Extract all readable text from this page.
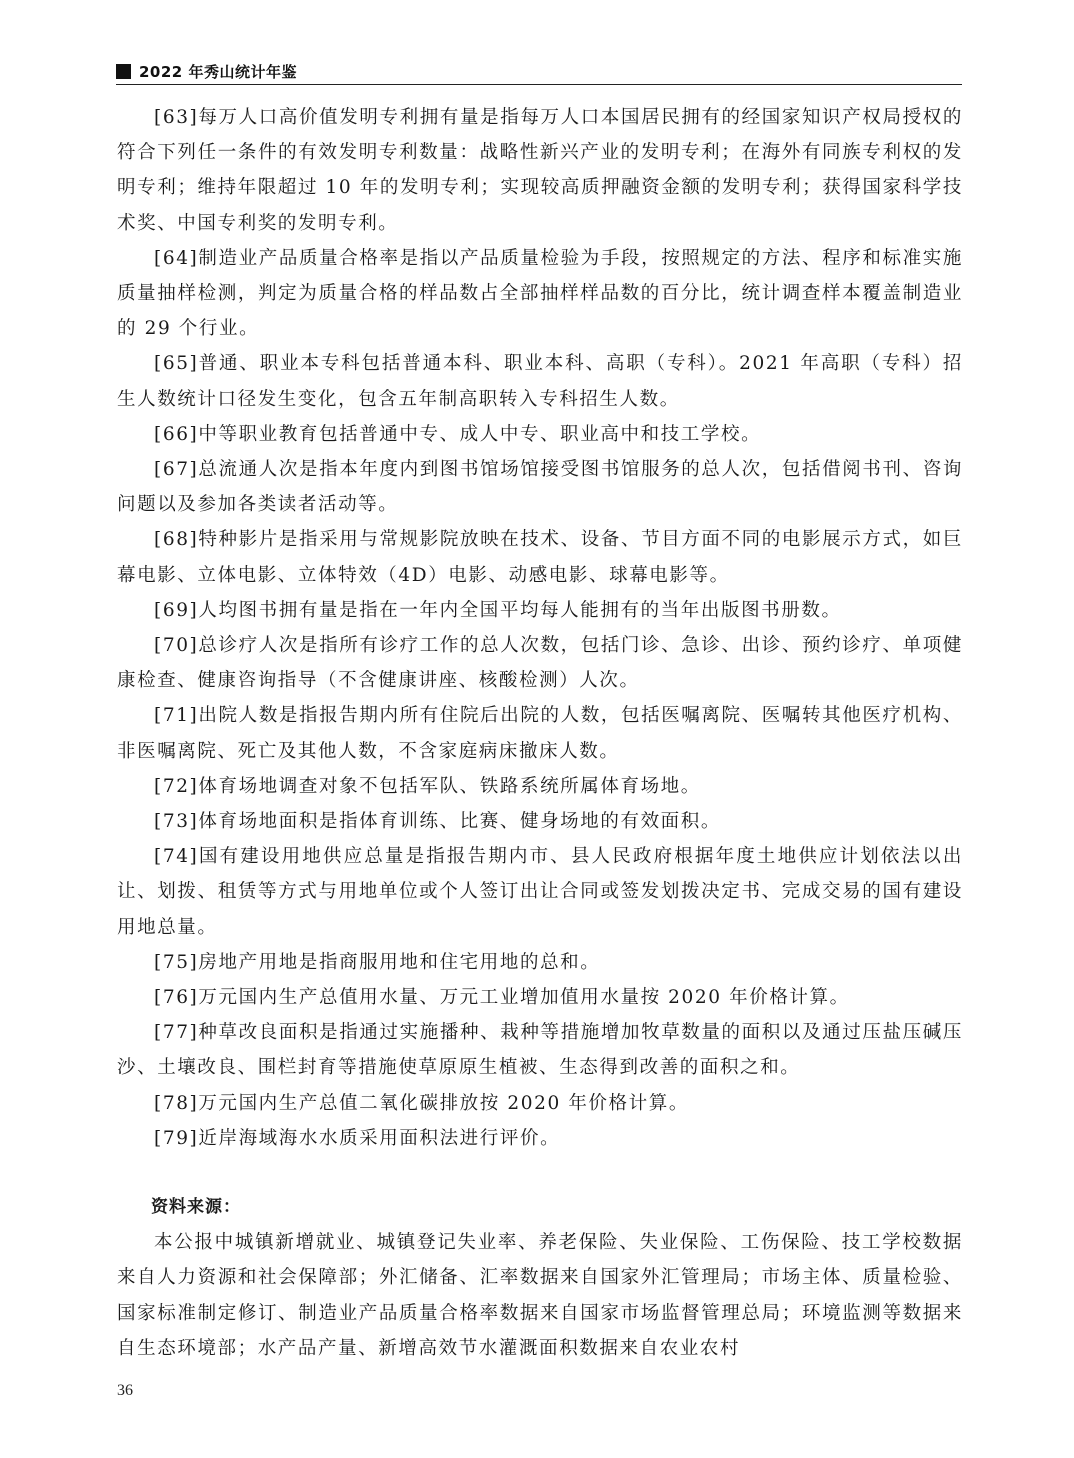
2022 年秀山统计年鉴

[63]每万人口高价值发明专利拥有量是指每万人口本国居民拥有的经国家知识产权局授权的符合下列任一条件的有效发明专利数量：战略性新兴产业的发明专利；在海外有同族专利权的发明专利；维持年限超过 10 年的发明专利；实现较高质押融资金额的发明专利；获得国家科学技术奖、中国专利奖的发明专利。

[64]制造业产品质量合格率是指以产品质量检验为手段，按照规定的方法、程序和标准实施质量抽样检测，判定为质量合格的样品数占全部抽样样品数的百分比，统计调查样本覆盖制造业的 29 个行业。

[65]普通、职业本专科包括普通本科、职业本科、高职（专科）。2021 年高职（专科）招生人数统计口径发生变化，包含五年制高职转入专科招生人数。

[66]中等职业教育包括普通中专、成人中专、职业高中和技工学校。

[67]总流通人次是指本年度内到图书馆场馆接受图书馆服务的总人次，包括借阅书刊、咨询问题以及参加各类读者活动等。

[68]特种影片是指采用与常规影院放映在技术、设备、节目方面不同的电影展示方式，如巨幕电影、立体电影、立体特效（4D）电影、动感电影、球幕电影等。

[69]人均图书拥有量是指在一年内全国平均每人能拥有的当年出版图书册数。

[70]总诊疗人次是指所有诊疗工作的总人次数，包括门诊、急诊、出诊、预约诊疗、单项健康检查、健康咨询指导（不含健康讲座、核酸检测）人次。

[71]出院人数是指报告期内所有住院后出院的人数，包括医嘱离院、医嘱转其他医疗机构、非医嘱离院、死亡及其他人数，不含家庭病床撤床人数。

[72]体育场地调查对象不包括军队、铁路系统所属体育场地。

[73]体育场地面积是指体育训练、比赛、健身场地的有效面积。

[74]国有建设用地供应总量是指报告期内市、县人民政府根据年度土地供应计划依法以出让、划拨、租赁等方式与用地单位或个人签订出让合同或签发划拨决定书、完成交易的国有建设用地总量。

[75]房地产用地是指商服用地和住宅用地的总和。

[76]万元国内生产总值用水量、万元工业增加值用水量按 2020 年价格计算。

[77]种草改良面积是指通过实施播种、栽种等措施增加牧草数量的面积以及通过压盐压碱压沙、土壤改良、围栏封育等措施使草原原生植被、生态得到改善的面积之和。

[78]万元国内生产总值二氧化碳排放按 2020 年价格计算。

[79]近岸海域海水水质采用面积法进行评价。

资料来源：

本公报中城镇新增就业、城镇登记失业率、养老保险、失业保险、工伤保险、技工学校数据来自人力资源和社会保障部；外汇储备、汇率数据来自国家外汇管理局；市场主体、质量检验、国家标准制定修订、制造业产品质量合格率数据来自国家市场监督管理总局；环境监测等数据来自生态环境部；水产品产量、新增高效节水灌溉面积数据来自农业农村

36
